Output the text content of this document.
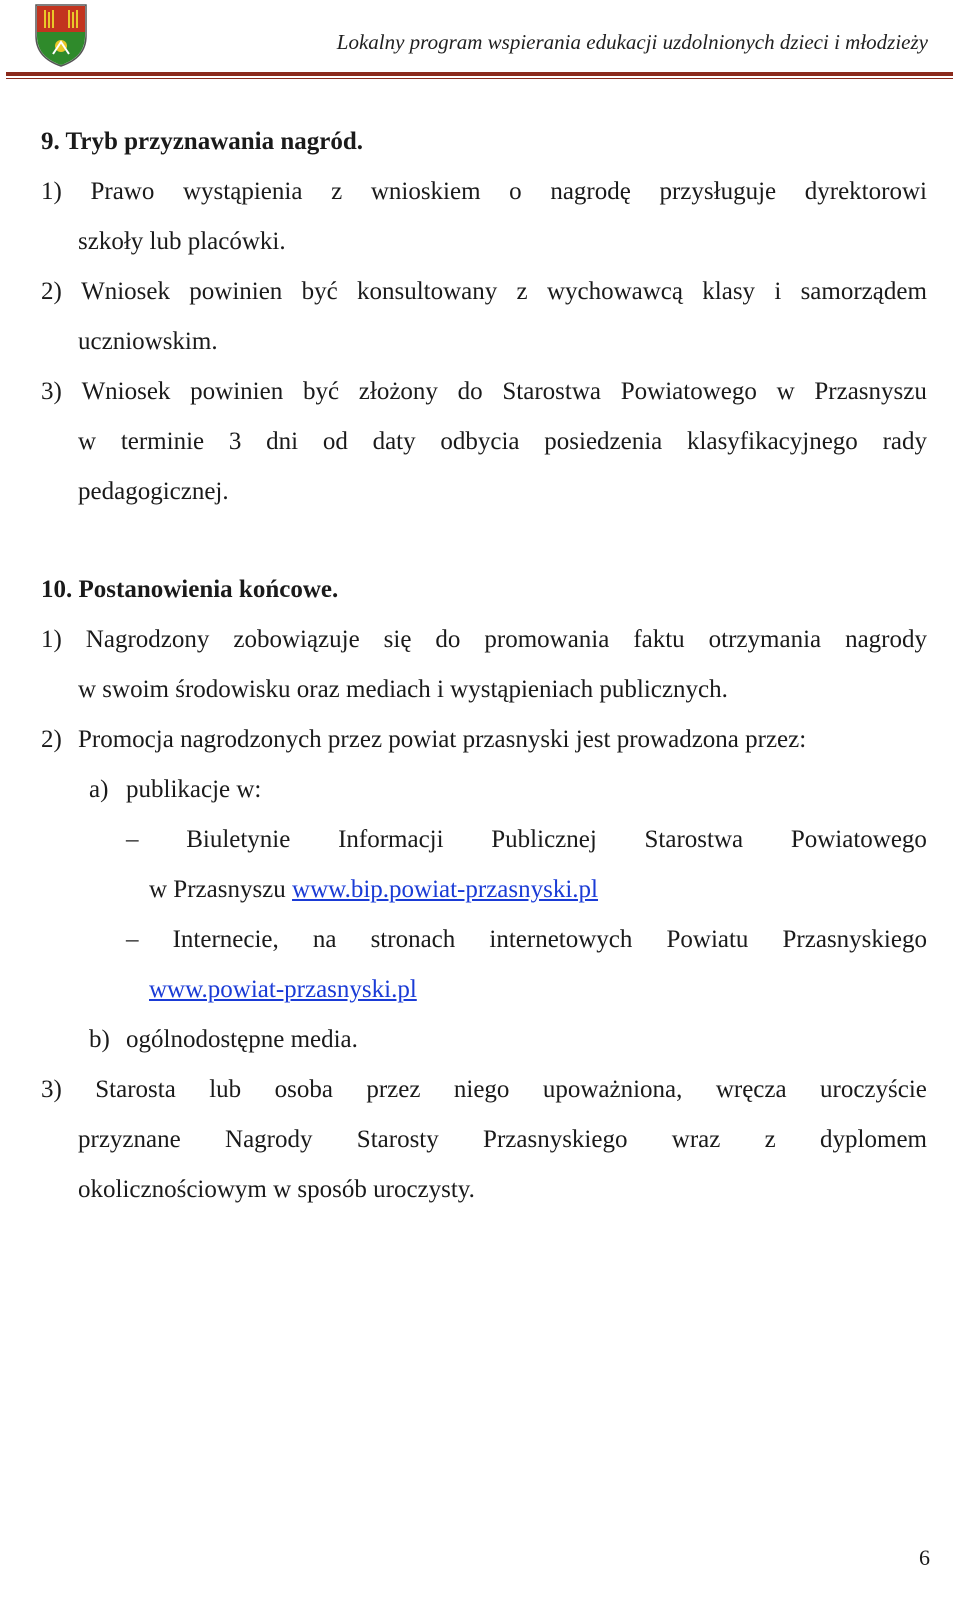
Lokalny program wspierania edukacji uzdolnionych dzieci i młodzieży
9. Tryb przyznawania nagród.
1) Prawo wystąpienia z wnioskiem o nagrodę przysługuje dyrektorowi
szkoły lub placówki.
2) Wniosek powinien być konsultowany z wychowawcą klasy i samorządem
uczniowskim.
3) Wniosek powinien być złożony do Starostwa Powiatowego w Przasnyszu
w terminie 3 dni od daty odbycia posiedzenia klasyfikacyjnego rady
pedagogicznej.
10. Postanowienia końcowe.
1) Nagrodzony zobowiązuje się do promowania faktu otrzymania nagrody
w swoim środowisku oraz mediach i wystąpieniach publicznych.
2) Promocja nagrodzonych przez powiat przasnyski jest prowadzona przez:
a) publikacje w:
– Biuletynie Informacji Publicznej Starostwa Powiatowego
w Przasnyszu www.bip.powiat-przasnyski.pl
– Internecie, na stronach internetowych Powiatu Przasnyskiego
www.powiat-przasnyski.pl
b) ogólnodostępne media.
3) Starosta lub osoba przez niego upoważniona, wręcza uroczyście
przyznane Nagrody Starosty Przasnyskiego wraz z dyplomem
okolicznościowym w sposób uroczysty.
6
